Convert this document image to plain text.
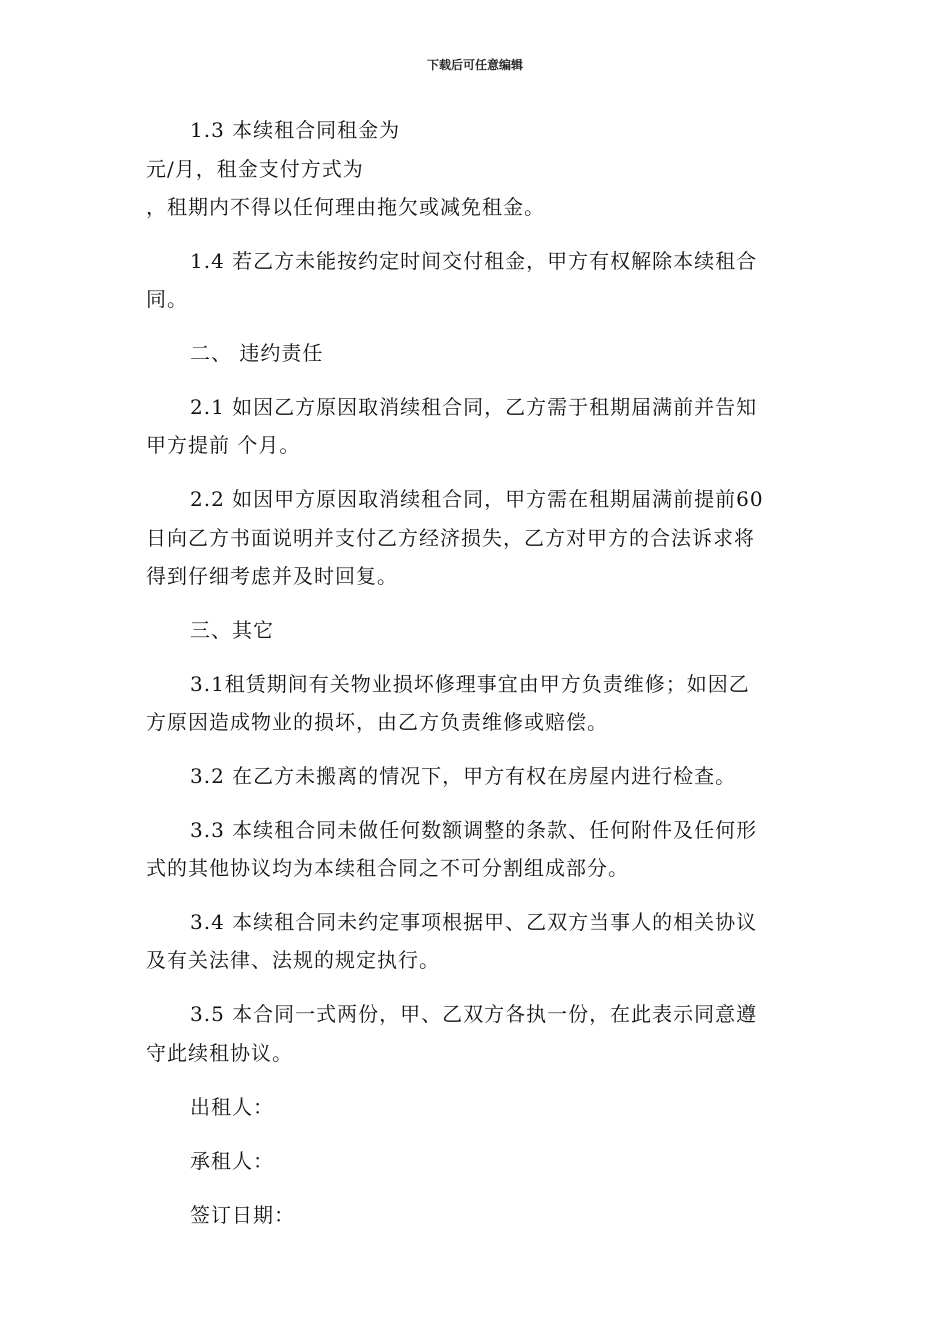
下载后可任意编辑
1.3 本续租合同租金为
元/月，租金支付方式为
，租期内不得以任何理由拖欠或减免租金。
1.4 若乙方未能按约定时间交付租金，甲方有权解除本续租合
同。
二、 违约责任
2.1 如因乙方原因取消续租合同，乙方需于租期届满前并告知
甲方提前 个月。
2.2 如因甲方原因取消续租合同，甲方需在租期届满前提前60
日向乙方书面说明并支付乙方经济损失，乙方对甲方的合法诉求将
得到仔细考虑并及时回复。
三、其它
3.1租赁期间有关物业损坏修理事宜由甲方负责维修；如因乙
方原因造成物业的损坏，由乙方负责维修或赔偿。
3.2 在乙方未搬离的情况下，甲方有权在房屋内进行检查。
3.3 本续租合同未做任何数额调整的条款、任何附件及任何形
式的其他协议均为本续租合同之不可分割组成部分。
3.4 本续租合同未约定事项根据甲、乙双方当事人的相关协议
及有关法律、法规的规定执行。
3.5 本合同一式两份，甲、乙双方各执一份，在此表示同意遵
守此续租协议。
出租人：
承租人：
签订日期：
